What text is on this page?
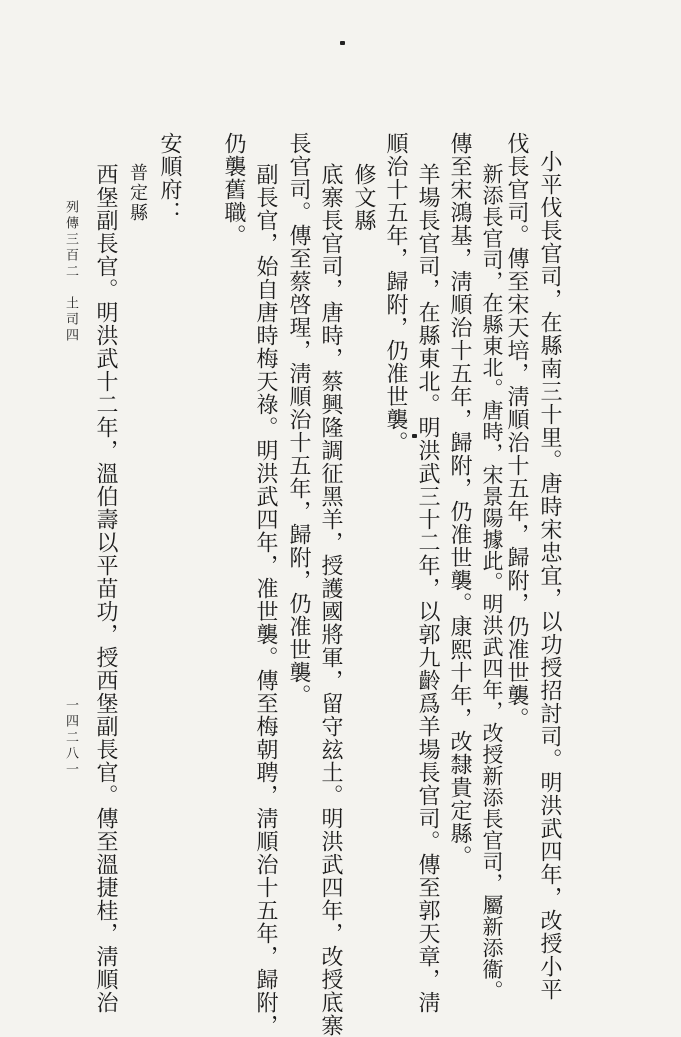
小平伐長官司，在縣南三十里。唐時宋忠宜，以功授招討司。明洪武四年，改授小平
伐長官司。傳至宋天培，淸順治十五年，歸附，仍准世襲。
新添長官司，在縣東北。唐時，宋景陽據此。明洪武四年，改授新添長官司，屬新添衞。
傳至宋鴻基，淸順治十五年，歸附，仍准世襲。康熙十年，改隸貴定縣。
羊場長官司，在縣東北。明洪武三十二年，以郭九齡爲羊場長官司。傳至郭天章，淸
順治十五年，歸附，仍准世襲。
修文縣
底寨長官司，唐時，蔡興隆調征黑羊，授護國將軍，留守玆土。明洪武四年，改授底寨
長官司。傳至蔡啓瑆，淸順治十五年，歸附，仍准世襲。
副長官，始自唐時梅天祿。明洪武四年，准世襲。傳至梅朝聘，淸順治十五年，歸附，
仍襲舊職。
安順府：
普定縣
西堡副長官。明洪武十二年，溫伯壽以平苗功，授西堡副長官。傳至溫捷桂，淸順治
列傳三百二　土司四
一四二八一
